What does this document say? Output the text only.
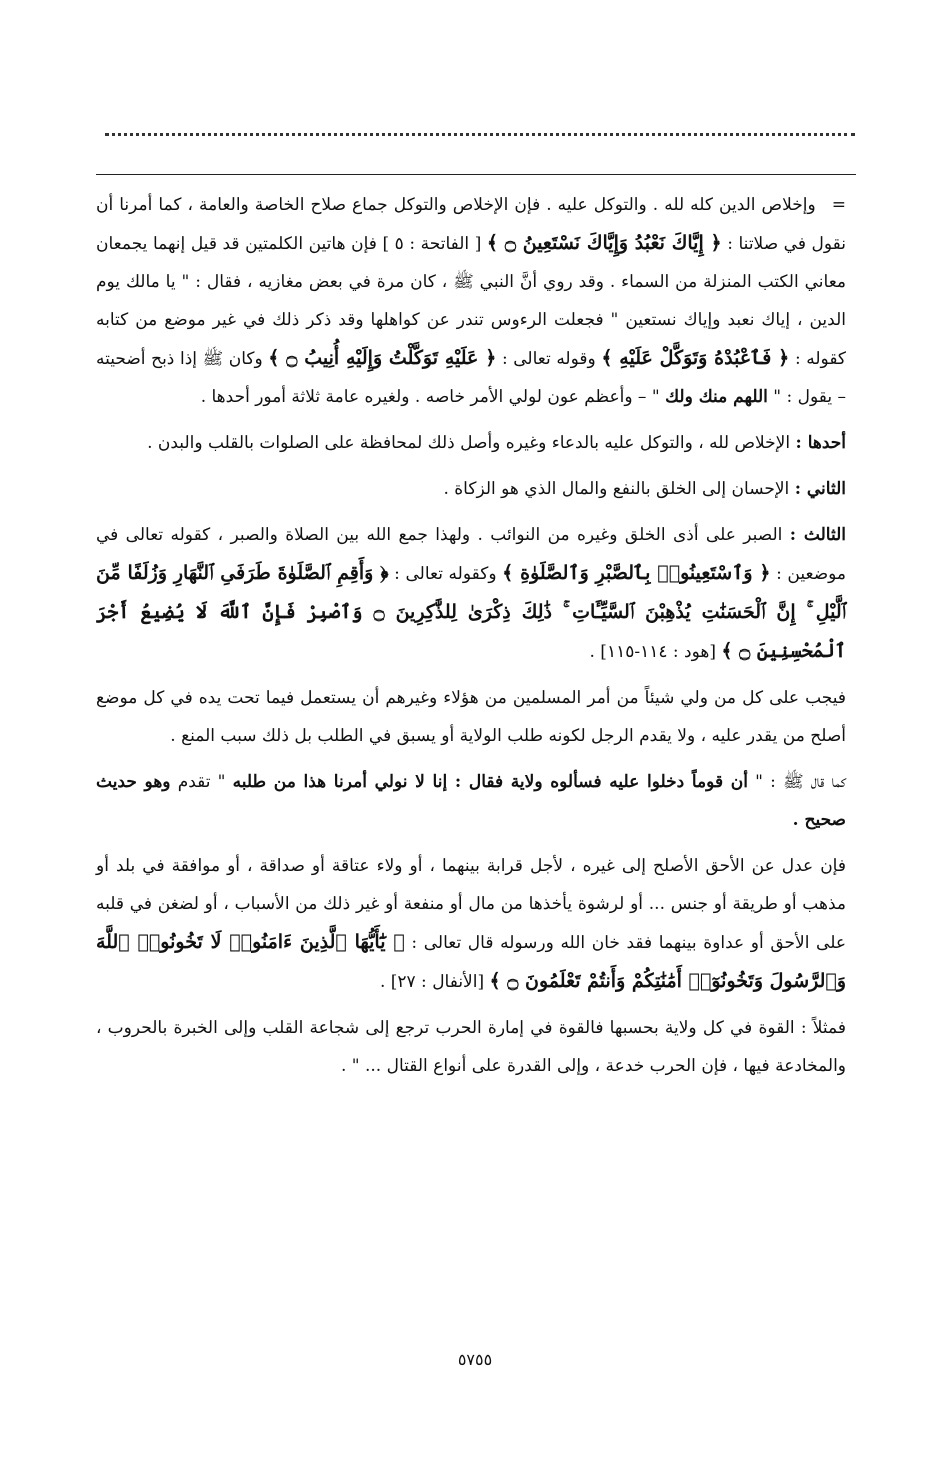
= وإخلاص الدين كله لله . والتوكل عليه . فإن الإخلاص والتوكل جماع صلاح الخاصة والعامة ، كما أمرنا أن نقول في صلاتنا : ﴿ إِيَّاكَ نَعْبُدُ وَإِيَّاكَ نَسْتَعِينُ ۝ ﴾ [ الفاتحة : ٥ ] فإن هاتين الكلمتين قد قيل إنهما يجمعان معاني الكتب المنزلة من السماء . وقد روي أنَّ النبي ﷺ ، كان مرة في بعض مغازيه ، فقال : " يا مالك يوم الدين ، إياك نعبد وإياك نستعين " فجعلت الرءوس تندر عن كواهلها وقد ذكر ذلك في غير موضع من كتابه كقوله : ﴿ فَٱعْبُدْهُ وَتَوَكَّلْ عَلَيْهِ ﴾ وقوله تعالى : ﴿ عَلَيْهِ تَوَكَّلْتُ وَإِلَيْهِ أُنِيبُ ۝ ﴾ وكان ﷺ إذا ذبح أضحيته – يقول : " اللهم منك ولك " – وأعظم عون لولي الأمر خاصه . ولغيره عامة ثلاثة أمور أحدها .

أحدها : الإخلاص لله ، والتوكل عليه بالدعاء وغيره وأصل ذلك لمحافظة على الصلوات بالقلب والبدن .

الثاني : الإحسان إلى الخلق بالنفع والمال الذي هو الزكاة .

الثالث : الصبر على أذى الخلق وغيره من النوائب . ولهذا جمع الله بين الصلاة والصبر ، كقوله تعالى في موضعين : ﴿ وَٱسْتَعِينُوا۟ بِٱلصَّبْرِ وَٱلصَّلَوٰةِ ﴾ وكقوله تعالى : ﴿ وَأَقِمِ ٱلصَّلَوٰةَ طَرَفَىِ ٱلنَّهَارِ وَزُلَفًا مِّنَ ٱلَّيْلِ ۚ إِنَّ ٱلْحَسَنَٰتِ يُذْهِبْنَ ٱلسَّيِّـَٔاتِ ۚ ذَٰلِكَ ذِكْرَىٰ لِلذَّٰكِرِينَ ۝ وَٱصْبِرْ فَإِنَّ ٱللَّهَ لَا يُضِيعُ أَجْرَ ٱلْمُحْسِنِينَ ۝ ﴾ [هود : ١١٤-١١٥] .

فيجب على كل من ولي شيئاً من أمر المسلمين من هؤلاء وغيرهم أن يستعمل فيما تحت يده في كل موضع أصلح من يقدر عليه ، ولا يقدم الرجل لكونه طلب الولاية أو يسبق في الطلب بل ذلك سبب المنع .

كما قال ﷺ : " أن قوماً دخلوا عليه فسألوه ولاية فقال : إنا لا نولي أمرنا هذا من طلبه " تقدم وهو حديث صحيح .

فإن عدل عن الأحق الأصلح إلى غيره ، لأجل قرابة بينهما ، أو ولاء عتاقة أو صداقة ، أو موافقة في بلد أو مذهب أو طريقة أو جنس ... أو لرشوة يأخذها من مال أو منفعة أو غير ذلك من الأسباب ، أو لضغن في قلبه على الأحق أو عداوة بينهما فقد خان الله ورسوله قال تعالى : ﴿ يَٰٓأَيُّهَا ٱلَّذِينَ ءَامَنُوا۟ لَا تَخُونُوا۟ ٱللَّهَ وَٱلرَّسُولَ وَتَخُونُوٓا۟ أَمَٰنَٰتِكُمْ وَأَنتُمْ تَعْلَمُونَ ۝ ﴾ [الأنفال : ٢٧] .

فمثلاً : القوة في كل ولاية بحسبها فالقوة في إمارة الحرب ترجع إلى شجاعة القلب وإلى الخبرة بالحروب ، والمخادعة فيها ، فإن الحرب خدعة ، وإلى القدرة على أنواع القتال ... " .

٥٧٥٥
